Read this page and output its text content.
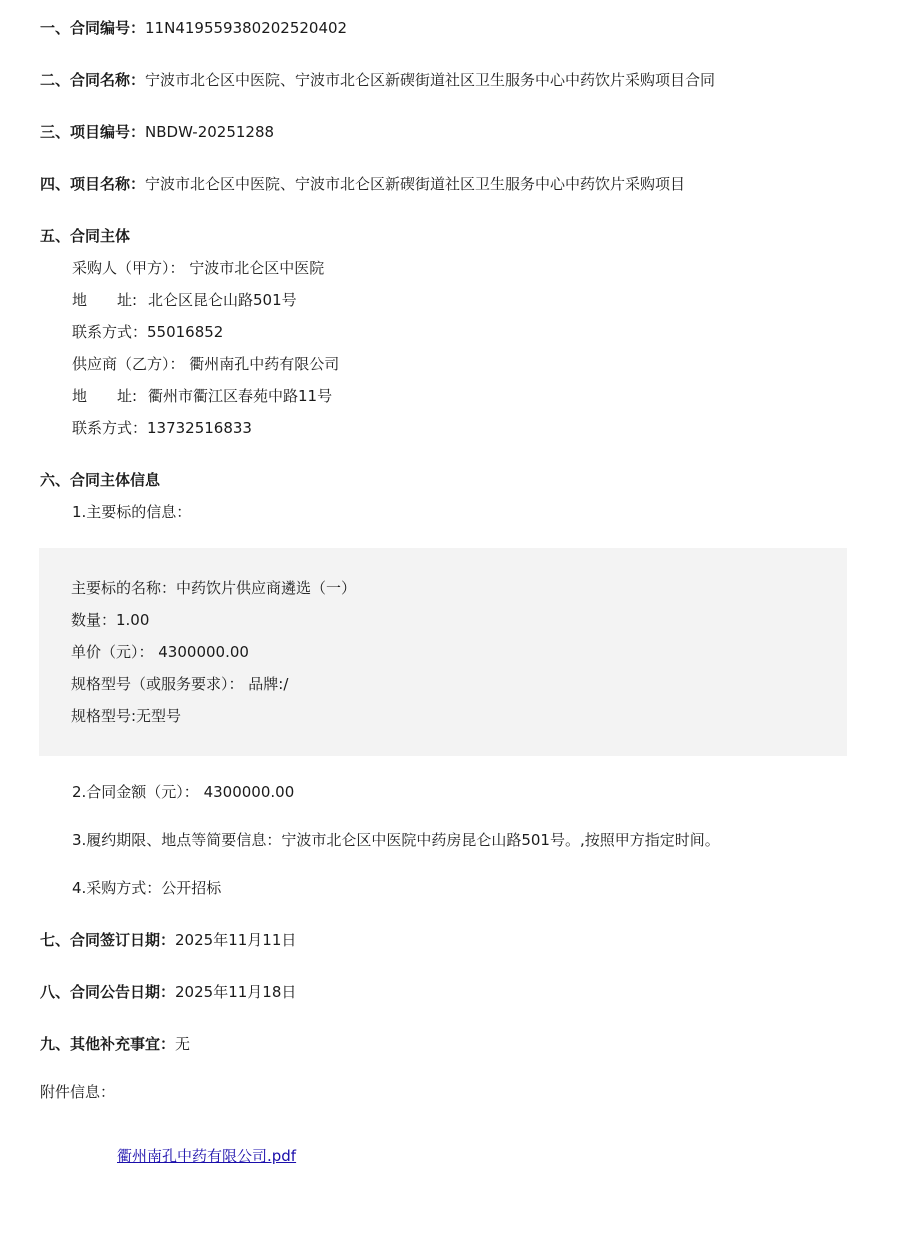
一、合同编号：11N419559380202520402
二、合同名称：宁波市北仑区中医院、宁波市北仑区新碶街道社区卫生服务中心中药饮片采购项目合同
三、项目编号：NBDW-20251288
四、项目名称：宁波市北仑区中医院、宁波市北仑区新碶街道社区卫生服务中心中药饮片采购项目
五、合同主体
采购人（甲方）： 宁波市北仑区中医院
地　　址: 北仑区昆仑山路501号
联系方式：55016852
供应商（乙方）： 衢州南孔中药有限公司
地　　址: 衢州市衢江区春苑中路11号
联系方式：13732516833
六、合同主体信息
1.主要标的信息：
主要标的名称：中药饮片供应商遴选（一）
数量：1.00
单价（元）： 4300000.00
规格型号（或服务要求）： 品牌:/
规格型号:无型号
2.合同金额（元）： 4300000.00
3.履约期限、地点等简要信息：宁波市北仑区中医院中药房昆仑山路501号。,按照甲方指定时间。
4.采购方式：公开招标
七、合同签订日期：2025年11月11日
八、合同公告日期：2025年11月18日
九、其他补充事宜：无
附件信息：
衢州南孔中药有限公司.pdf
